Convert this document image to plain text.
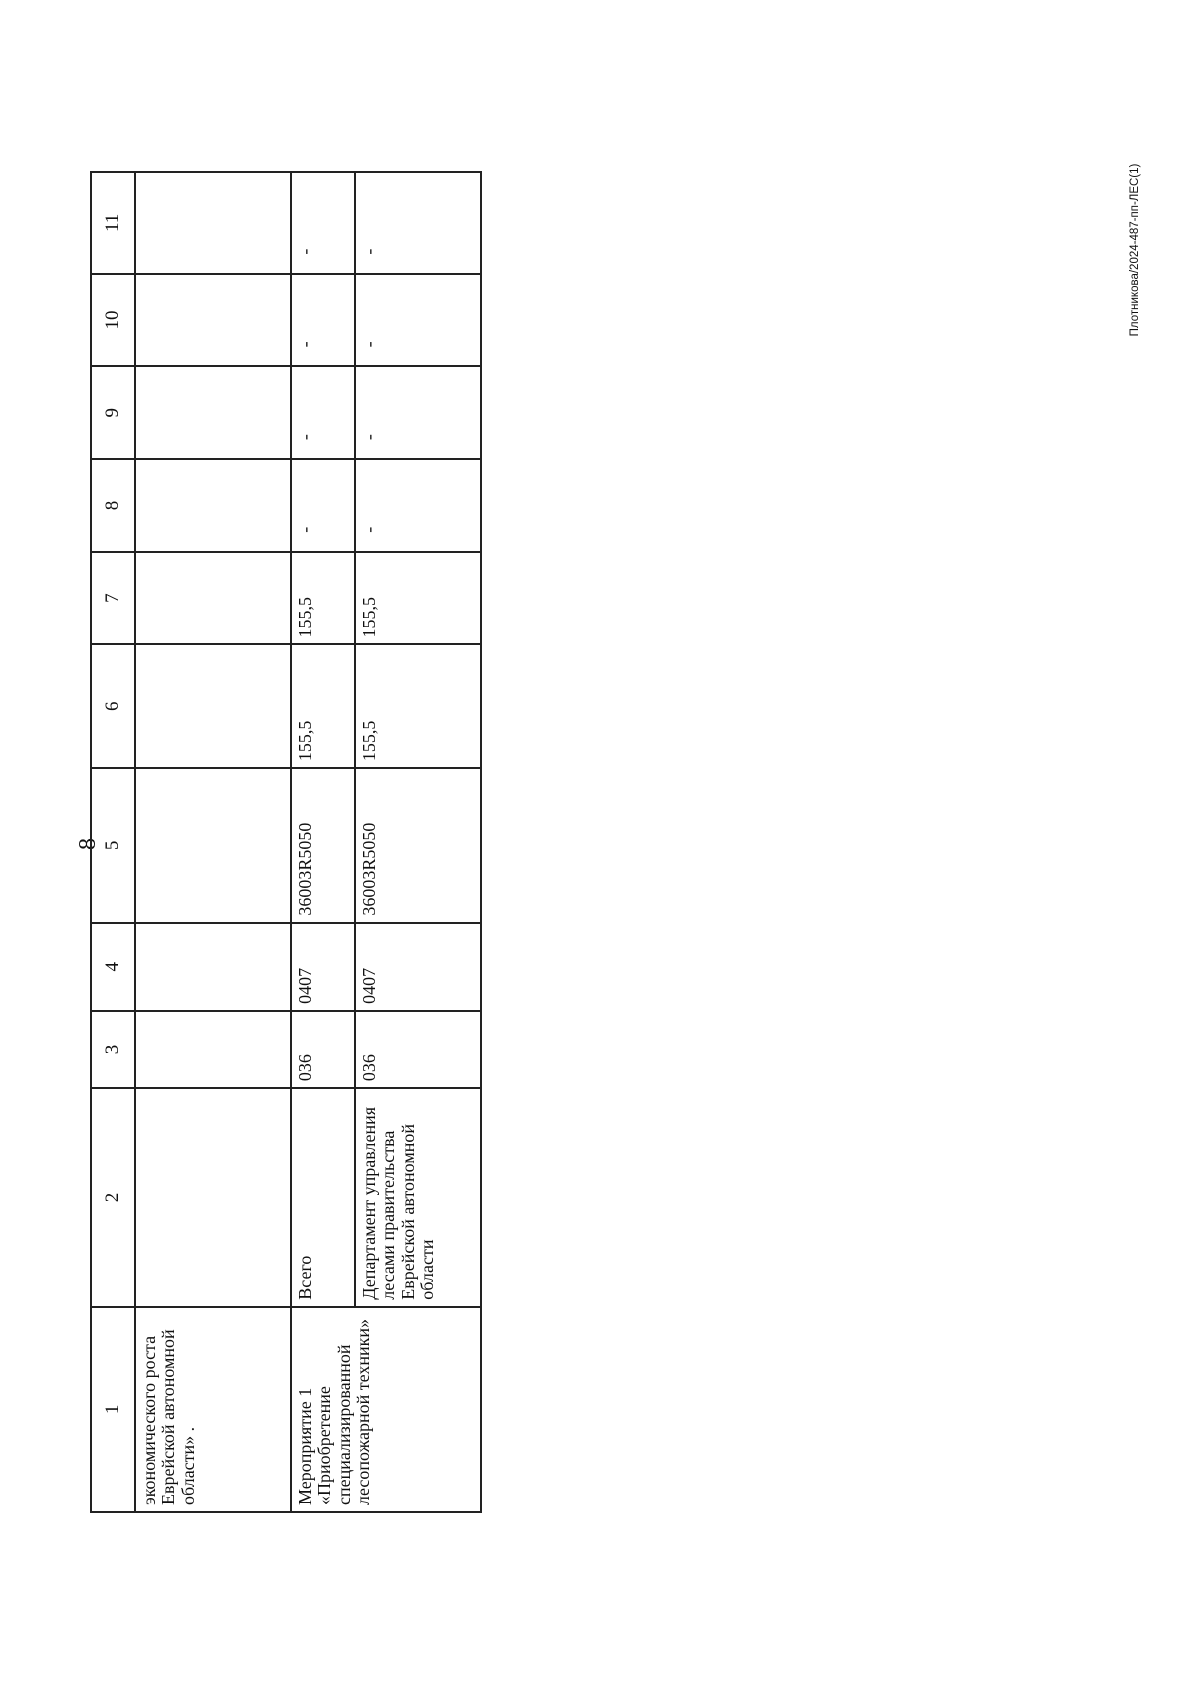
8
Плотникова/2024-487-пп-ЛЕС(1)
1	2	3	4	5	6	7	8	9	10	11
экономического роста Еврейской автономной области» .										
Мероприятие 1 «Приобретение специализированной лесопожарной техники»	Всего	036	0407	36003R5050	155,5	155,5	-	-	-	-
	Департамент управления лесами правительства Еврейской автономной области	036	0407	36003R5050	155,5	155,5	-	-	-	-
